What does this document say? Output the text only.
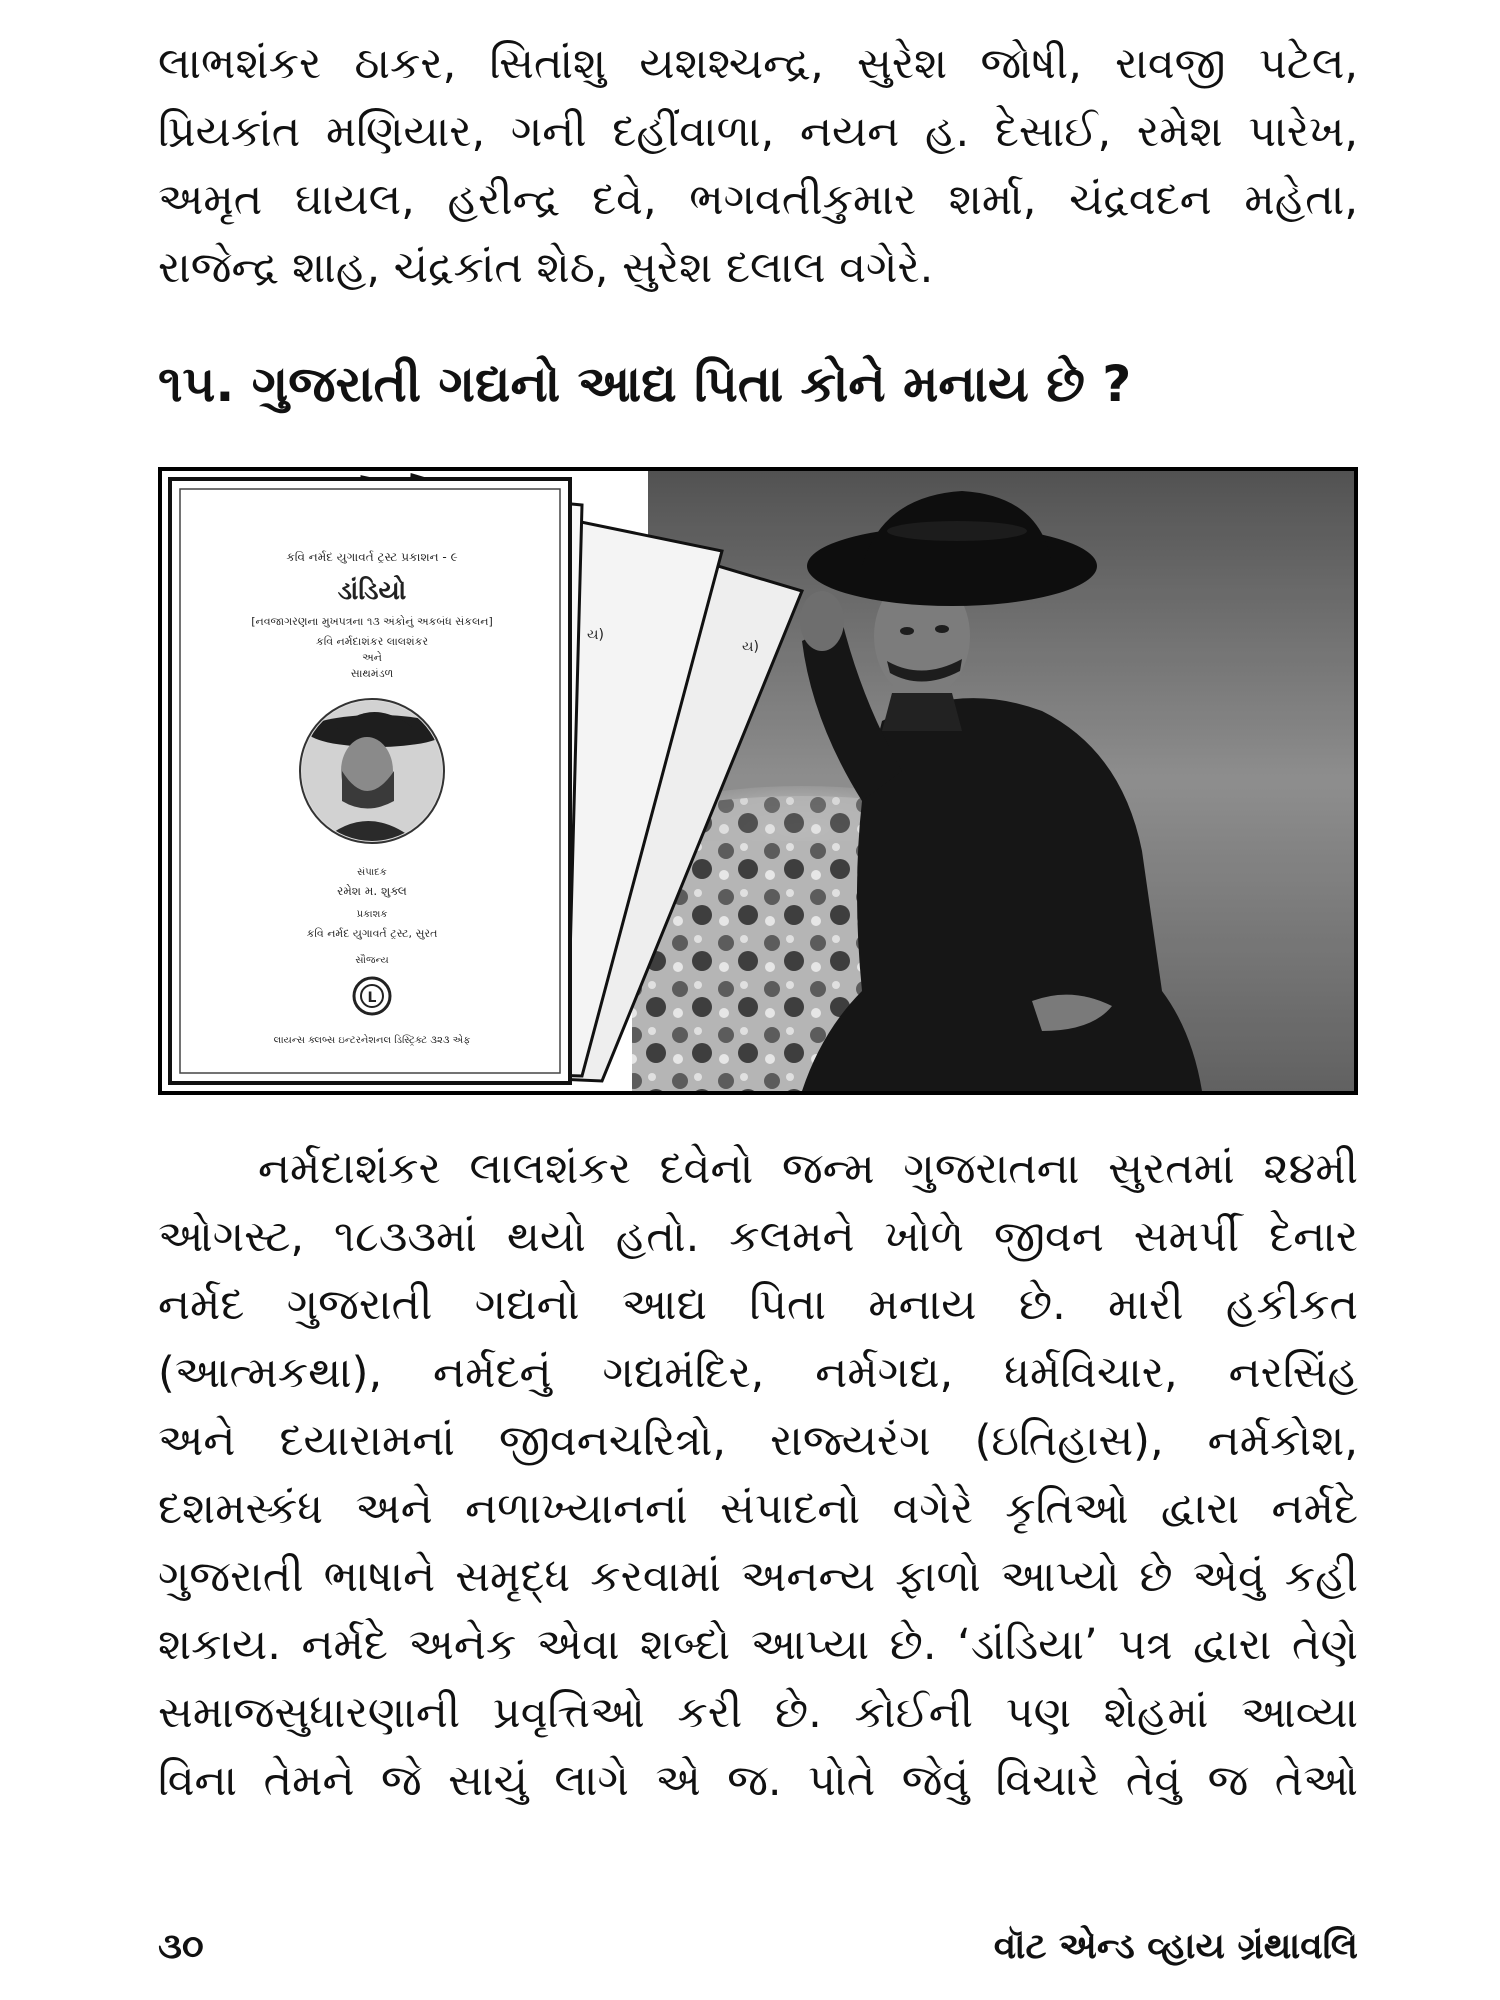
લાભશંકર ઠાકર, સિતાંશુ યશશ્ચન્દ્ર, સુરેશ જોષી, રાવજી પટેલ,
પ્રિયકાંત મણિયાર, ગની દહીંવાળા, નયન હ. દેસાઈ, રમેશ પારેખ,
અમૃત ઘાયલ, હરીન્દ્ર દવે, ભગવતીકુમાર શર્મા, ચંદ્રવદન મહેતા,
રાજેન્દ્ર શાહ, ચંદ્રકાંત શેઠ, સુરેશ દલાલ વગેરે.
૧૫. ગુજરાતી ગદ્યનો આદ્ય પિતા કોને મનાય છે ?
ય)
ય)
કવિ નર્મદ યુગાવર્ત ટ્રસ્ટ પ્રકાશન - ૯
ડાંડિયો
[નવજાગરણના મુખપત્રના ૧૩ અંકોનું અકબંધ સંકલન]
કવિ નર્મદાશંકર લાલશંકર
અને
સાથમંડળ
સંપાદક
રમેશ મ. શુક્લ
પ્રકાશક
કવિ નર્મદ યુગાવર્ત ટ્રસ્ટ, સુરત
સૌજન્ય
L
લાયન્સ ક્લબ્સ ઇન્ટરનેશનલ ડિસ્ટ્રિક્ટ ૩૨૩ એફ
નર્મદાશંકર લાલશંકર દવેનો જન્મ ગુજરાતના સુરતમાં ૨૪મી
ઓગસ્ટ, ૧૮૩૩માં થયો હતો. કલમને ખોળે જીવન સમર્પી દેનાર
નર્મદ ગુજરાતી ગદ્યનો આદ્ય પિતા મનાય છે. મારી હકીકત
(આત્મકથા), નર્મદનું ગદ્યમંદિર, નર્મગદ્ય, ધર્મવિચાર, નરસિંહ
અને દયારામનાં જીવનચરિત્રો, રાજ્યરંગ (ઇતિહાસ), નર્મકોશ,
દશમસ્કંધ અને નળાખ્યાનનાં સંપાદનો વગેરે કૃતિઓ દ્વારા નર્મદે
ગુજરાતી ભાષાને સમૃદ્ધ કરવામાં અનન્ય ફાળો આપ્યો છે એવું કહી
શકાય. નર્મદે અનેક એવા શબ્દો આપ્યા છે. ‘ડાંડિયા’ પત્ર દ્વારા તેણે
સમાજસુધારણાની પ્રવૃત્તિઓ કરી છે. કોઈની પણ શેહમાં આવ્યા
વિના તેમને જે સાચું લાગે એ જ. પોતે જેવું વિચારે તેવું જ તેઓ
૩૦	વૉટ એન્ડ વ્હાય ગ્રંથાવલિ
